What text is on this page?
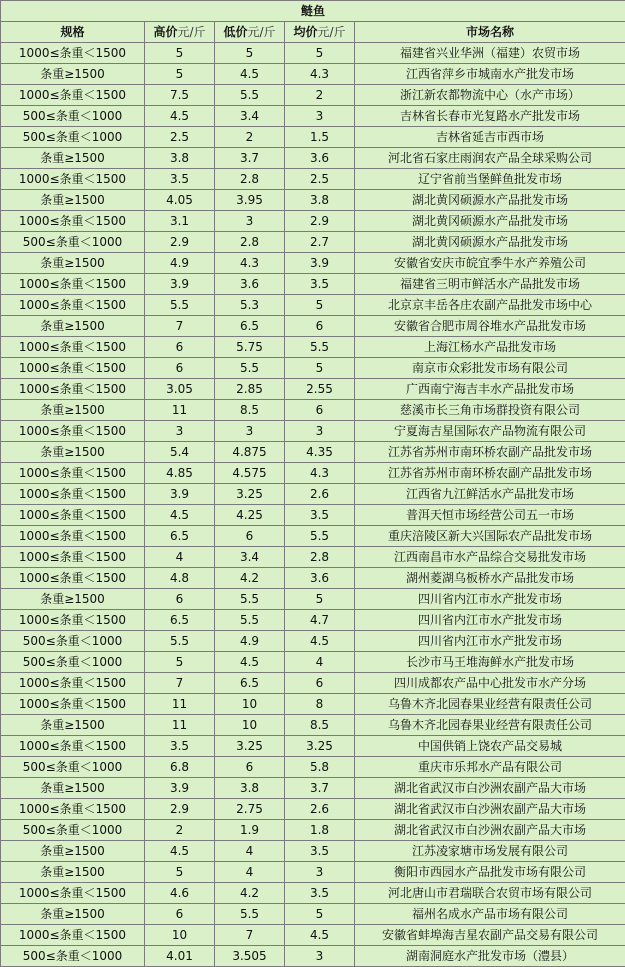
鲢鱼				
规格	高价元/斤	低价元/斤	均价元/斤	市场名称
1000≤条重＜1500	5	5	5	福建省兴业华洲（福建）农贸市场
条重≥1500	5	4.5	4.3	江西省萍乡市城南水产批发市场
1000≤条重＜1500	7.5	5.5	2	浙江新农都物流中心（水产市场）
500≤条重＜1000	4.5	3.4	3	吉林省长春市光复路水产批发市场
500≤条重＜1000	2.5	2	1.5	吉林省延吉市西市场
条重≥1500	3.8	3.7	3.6	河北省石家庄雨润农产品全球采购公司
1000≤条重＜1500	3.5	2.8	2.5	辽宁省前当堡鲜鱼批发市场
条重≥1500	4.05	3.95	3.8	湖北黄冈硕源水产品批发市场
1000≤条重＜1500	3.1	3	2.9	湖北黄冈硕源水产品批发市场
500≤条重＜1000	2.9	2.8	2.7	湖北黄冈硕源水产品批发市场
条重≥1500	4.9	4.3	3.9	安徽省安庆市皖宜季牛水产养殖公司
1000≤条重＜1500	3.9	3.6	3.5	福建省三明市鲜活水产品批发市场
1000≤条重＜1500	5.5	5.3	5	北京京丰岳各庄农副产品批发市场中心
条重≥1500	7	6.5	6	安徽省合肥市周谷堆水产品批发市场
1000≤条重＜1500	6	5.75	5.5	上海江杨水产品批发市场
1000≤条重＜1500	6	5.5	5	南京市众彩批发市场有限公司
1000≤条重＜1500	3.05	2.85	2.55	广西南宁海吉丰水产品批发市场
条重≥1500	11	8.5	6	慈溪市长三角市场群投资有限公司
1000≤条重＜1500	3	3	3	宁夏海吉星国际农产品物流有限公司
条重≥1500	5.4	4.875	4.35	江苏省苏州市南环桥农副产品批发市场
1000≤条重＜1500	4.85	4.575	4.3	江苏省苏州市南环桥农副产品批发市场
1000≤条重＜1500	3.9	3.25	2.6	江西省九江鲜活水产品批发市场
1000≤条重＜1500	4.5	4.25	3.5	普洱天恒市场经营公司五一市场
1000≤条重＜1500	6.5	6	5.5	重庆涪陵区新大兴国际农产品批发市场
1000≤条重＜1500	4	3.4	2.8	江西南昌市水产品综合交易批发市场
1000≤条重＜1500	4.8	4.2	3.6	湖州菱湖乌板桥水产品批发市场
条重≥1500	6	5.5	5	四川省内江市水产批发市场
1000≤条重＜1500	6.5	5.5	4.7	四川省内江市水产批发市场
500≤条重＜1000	5.5	4.9	4.5	四川省内江市水产批发市场
500≤条重＜1000	5	4.5	4	长沙市马王堆海鲜水产批发市场
1000≤条重＜1500	7	6.5	6	四川成都农产品中心批发市水产分场
1000≤条重＜1500	11	10	8	乌鲁木齐北园春果业经营有限责任公司
条重≥1500	11	10	8.5	乌鲁木齐北园春果业经营有限责任公司
1000≤条重＜1500	3.5	3.25	3.25	中国供销上饶农产品交易城
500≤条重＜1000	6.8	6	5.8	重庆市乐邦水产品有限公司
条重≥1500	3.9	3.8	3.7	湖北省武汉市白沙洲农副产品大市场
1000≤条重＜1500	2.9	2.75	2.6	湖北省武汉市白沙洲农副产品大市场
500≤条重＜1000	2	1.9	1.8	湖北省武汉市白沙洲农副产品大市场
条重≥1500	4.5	4	3.5	江苏凌家塘市场发展有限公司
条重≥1500	5	4	3	衡阳市西园水产品批发市场有限公司
1000≤条重＜1500	4.6	4.2	3.5	河北唐山市君瑞联合农贸市场有限公司
条重≥1500	6	5.5	5	福州名成水产品市场有限公司
1000≤条重＜1500	10	7	4.5	安徽省蚌埠海吉星农副产品交易有限公司
500≤条重＜1000	4.01	3.505	3	湖南洞庭水产批发市场（澧县）
